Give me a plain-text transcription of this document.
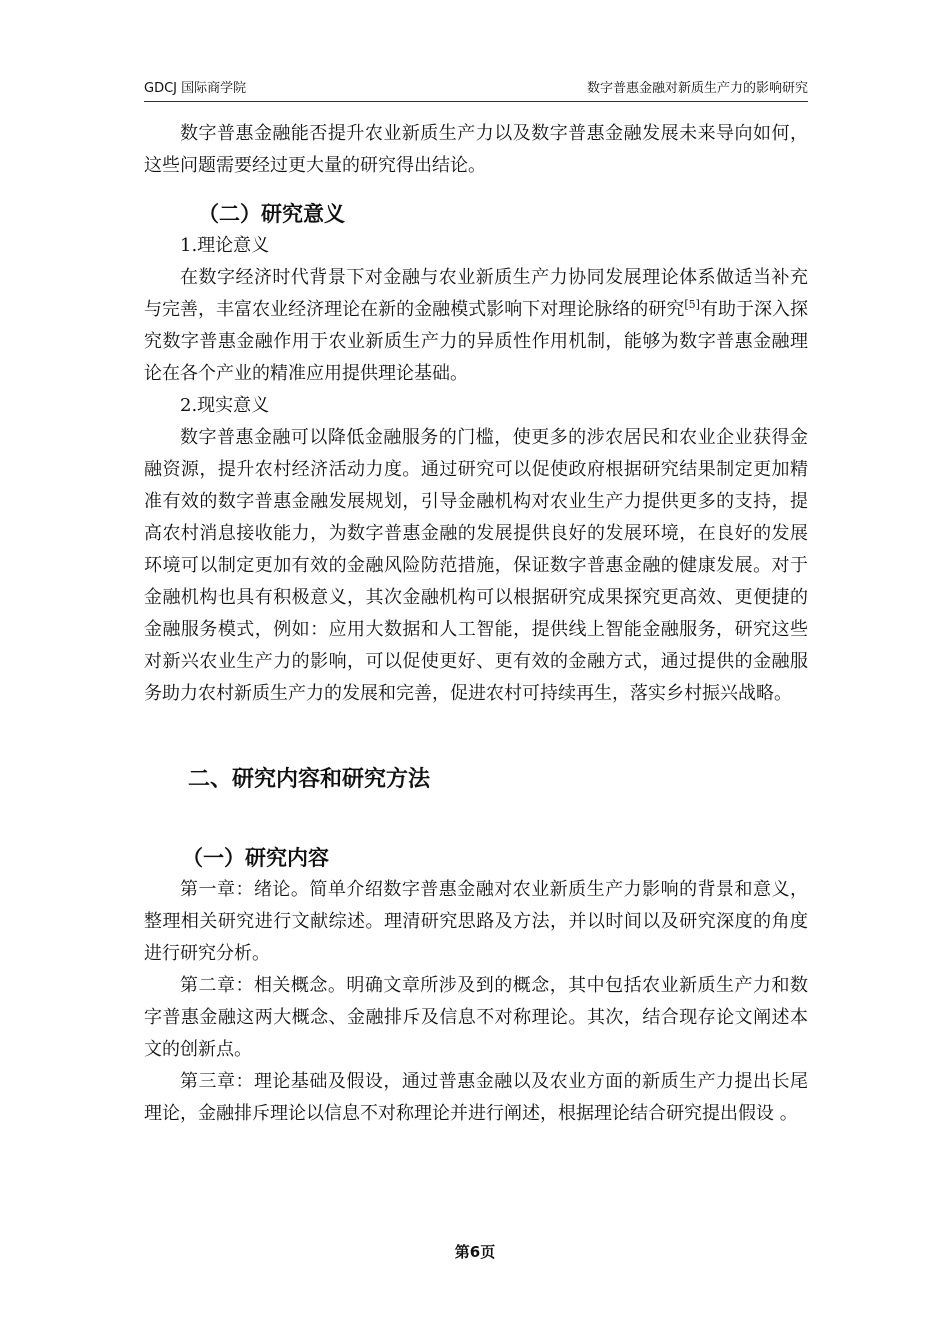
GDCJ 国际商学院	数字普惠金融对新质生产力的影响研究

数字普惠金融能否提升农业新质生产力以及数字普惠金融发展未来导向如何，这些问题需要经过更大量的研究得出结论。

（二）研究意义

1.理论意义

在数字经济时代背景下对金融与农业新质生产力协同发展理论体系做适当补充与完善，丰富农业经济理论在新的金融模式影响下对理论脉络的研究[5]有助于深入探究数字普惠金融作用于农业新质生产力的异质性作用机制，能够为数字普惠金融理论在各个产业的精准应用提供理论基础。

2.现实意义

数字普惠金融可以降低金融服务的门槛，使更多的涉农居民和农业企业获得金融资源，提升农村经济活动力度。通过研究可以促使政府根据研究结果制定更加精准有效的数字普惠金融发展规划，引导金融机构对农业生产力提供更多的支持，提高农村消息接收能力，为数字普惠金融的发展提供良好的发展环境，在良好的发展环境可以制定更加有效的金融风险防范措施，保证数字普惠金融的健康发展。对于金融机构也具有积极意义，其次金融机构可以根据研究成果探究更高效、更便捷的金融服务模式，例如：应用大数据和人工智能，提供线上智能金融服务，研究这些对新兴农业生产力的影响，可以促使更好、更有效的金融方式，通过提供的金融服务助力农村新质生产力的发展和完善，促进农村可持续再生，落实乡村振兴战略。

二、研究内容和研究方法

（一）研究内容

第一章：绪论。简单介绍数字普惠金融对农业新质生产力影响的背景和意义，整理相关研究进行文献综述。理清研究思路及方法，并以时间以及研究深度的角度进行研究分析。

第二章：相关概念。明确文章所涉及到的概念，其中包括农业新质生产力和数字普惠金融这两大概念、金融排斥及信息不对称理论。其次，结合现存论文阐述本文的创新点。

第三章：理论基础及假设，通过普惠金融以及农业方面的新质生产力提出长尾理论，金融排斥理论以信息不对称理论并进行阐述，根据理论结合研究提出假设 。

第6页
